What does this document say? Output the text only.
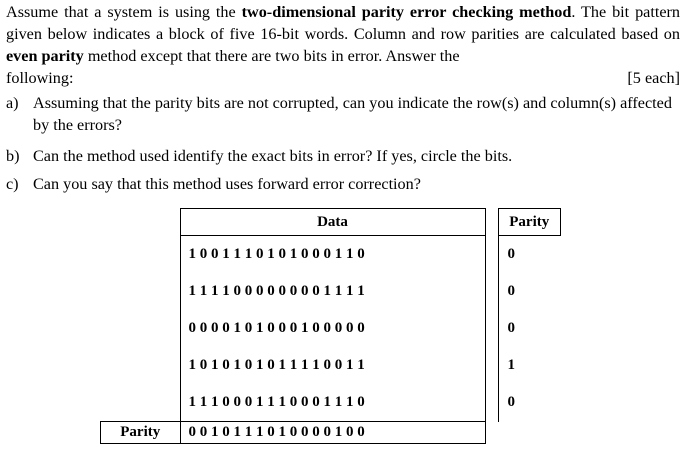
Assume that a system is using the two-dimensional parity error checking method. The bit pattern given below indicates a block of five 16-bit words. Column and row parities are calculated based on even parity method except that there are two bits in error. Answer the
following:	[5 each]
a) Assuming that the parity bits are not corrupted, can you indicate the row(s) and column(s) affected by the errors?
b) Can the method used identify the exact bits in error? If yes, circle the bits.
c) Can you say that this method uses forward error correction?
	Data		Parity
	1 0 0 1 1 1 0 1 0 1 0 0 0 1 1 0		0
	1 1 1 1 0 0 0 0 0 0 0 0 1 1 1 1		0
	0 0 0 0 1 0 1 0 0 0 1 0 0 0 0 0		0
	1 0 1 0 1 0 1 0 1 1 1 1 0 0 1 1		1
	1 1 1 0 0 0 1 1 1 0 0 0 1 1 1 0		0
Parity	0 0 1 0 1 1 1 0 1 0 0 0 0 1 0 0		
